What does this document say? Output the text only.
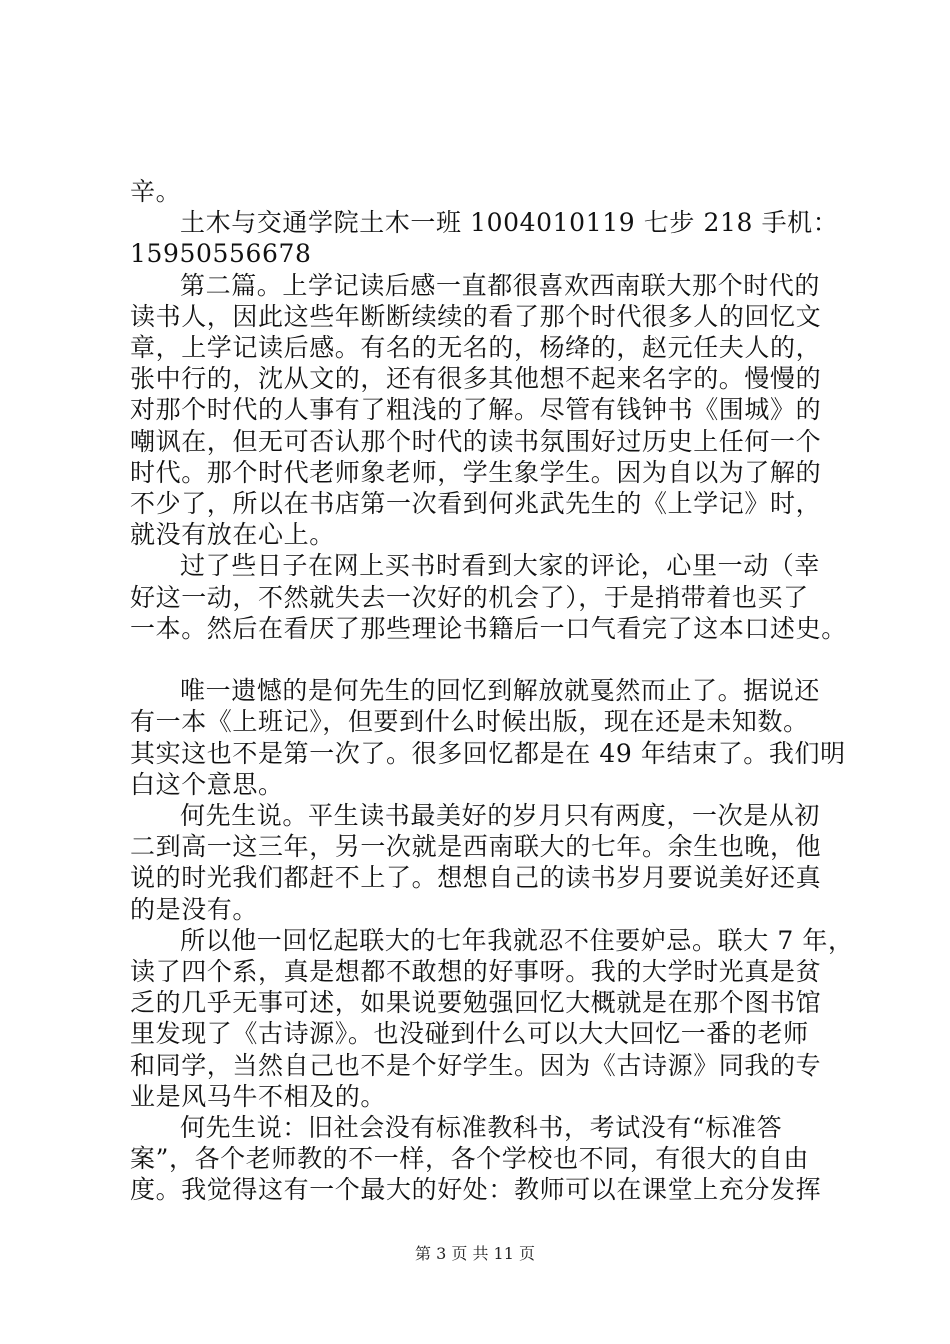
辛。
土木与交通学院土木一班 1004010119 七步 218 手机：
15950556678
第二篇。上学记读后感一直都很喜欢西南联大那个时代的
读书人，因此这些年断断续续的看了那个时代很多人的回忆文
章，上学记读后感。有名的无名的，杨绛的，赵元任夫人的，
张中行的，沈从文的，还有很多其他想不起来名字的。慢慢的
对那个时代的人事有了粗浅的了解。尽管有钱钟书《围城》的
嘲讽在，但无可否认那个时代的读书氛围好过历史上任何一个
时代。那个时代老师象老师，学生象学生。因为自以为了解的
不少了，所以在书店第一次看到何兆武先生的《上学记》时，
就没有放在心上。
过了些日子在网上买书时看到大家的评论，心里一动（幸
好这一动，不然就失去一次好的机会了），于是捎带着也买了
一本。然后在看厌了那些理论书籍后一口气看完了这本口述史。
唯一遗憾的是何先生的回忆到解放就戛然而止了。据说还
有一本《上班记》，但要到什么时候出版，现在还是未知数。
其实这也不是第一次了。很多回忆都是在 49 年结束了。我们明
白这个意思。
何先生说。平生读书最美好的岁月只有两度，一次是从初
二到高一这三年，另一次就是西南联大的七年。余生也晚，他
说的时光我们都赶不上了。想想自己的读书岁月要说美好还真
的是没有。
所以他一回忆起联大的七年我就忍不住要妒忌。联大 7 年，
读了四个系，真是想都不敢想的好事呀。我的大学时光真是贫
乏的几乎无事可述，如果说要勉强回忆大概就是在那个图书馆
里发现了《古诗源》。也没碰到什么可以大大回忆一番的老师
和同学，当然自己也不是个好学生。因为《古诗源》同我的专
业是风马牛不相及的。
何先生说：旧社会没有标准教科书，考试没有“标准答
案”，各个老师教的不一样，各个学校也不同，有很大的自由
度。我觉得这有一个最大的好处：教师可以在课堂上充分发挥
第 3 页 共 11 页
